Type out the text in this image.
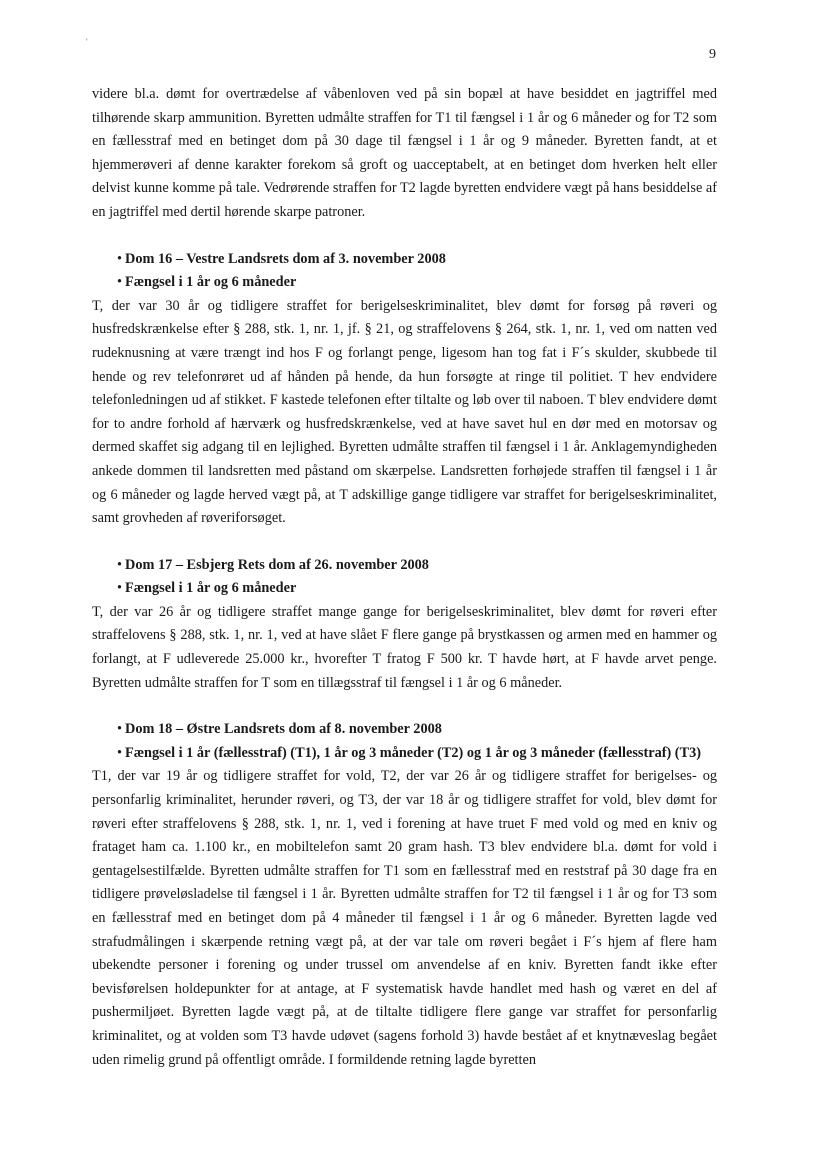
'
9

videre bl.a. dømt for overtrædelse af våbenloven ved på sin bopæl at have besiddet en jagtriffel med tilhørende skarp ammunition. Byretten udmålte straffen for T1 til fængsel i 1 år og 6 måneder og for T2 som en fællesstraf med en betinget dom på 30 dage til fængsel i 1 år og 9 måneder. Byretten fandt, at et hjemmerøveri af denne karakter forekom så groft og uacceptabelt, at en betinget dom hverken helt eller delvist kunne komme på tale. Vedrørende straffen for T2 lagde byretten endvidere vægt på hans besiddelse af en jagtriffel med dertil hørende skarpe patroner.

• Dom 16 – Vestre Landsrets dom af 3. november 2008
• Fængsel i 1 år og 6 måneder

T, der var 30 år og tidligere straffet for berigelseskriminalitet, blev dømt for forsøg på røveri og husfredskrænkelse efter § 288, stk. 1, nr. 1, jf. § 21, og straffelovens § 264, stk. 1, nr. 1, ved om natten ved rudeknusning at være trængt ind hos F og forlangt penge, ligesom han tog fat i F´s skulder, skubbede til hende og rev telefonrøret ud af hånden på hende, da hun forsøgte at ringe til politiet. T hev endvidere telefonledningen ud af stikket. F kastede telefonen efter tiltalte og løb over til naboen. T blev endvidere dømt for to andre forhold af hærværk og husfredskrænkelse, ved at have savet hul en dør med en motorsav og dermed skaffet sig adgang til en lejlighed. Byretten udmålte straffen til fængsel i 1 år. Anklagemyndigheden ankede dommen til landsretten med påstand om skærpelse. Landsretten forhøjede straffen til fængsel i 1 år og 6 måneder og lagde herved vægt på, at T adskillige gange tidligere var straffet for berigelseskriminalitet, samt grovheden af røveriforsøget.

• Dom 17 – Esbjerg Rets dom af 26. november 2008
• Fængsel i 1 år og 6 måneder

T, der var 26 år og tidligere straffet mange gange for berigelseskriminalitet, blev dømt for røveri efter straffelovens § 288, stk. 1, nr. 1, ved at have slået F flere gange på brystkassen og armen med en hammer og forlangt, at F udleverede 25.000 kr., hvorefter T fratog F 500 kr. T havde hørt, at F havde arvet penge. Byretten udmålte straffen for T som en tillægsstraf til fængsel i 1 år og 6 måneder.

• Dom 18 – Østre Landsrets dom af 8. november 2008
• Fængsel i 1 år (fællesstraf) (T1), 1 år og 3 måneder (T2) og 1 år og 3 måneder (fællesstraf) (T3)

T1, der var 19 år og tidligere straffet for vold, T2, der var 26 år og tidligere straffet for berigelses- og personfarlig kriminalitet, herunder røveri, og T3, der var 18 år og tidligere straffet for vold, blev dømt for røveri efter straffelovens § 288, stk. 1, nr. 1, ved i forening at have truet F med vold og med en kniv og frataget ham ca. 1.100 kr., en mobiltelefon samt 20 gram hash. T3 blev endvidere bl.a. dømt for vold i gentagelsestilfælde. Byretten udmålte straffen for T1 som en fællesstraf med en reststraf på 30 dage fra en tidligere prøveløsladelse til fængsel i 1 år. Byretten udmålte straffen for T2 til fængsel i 1 år og for T3 som en fællesstraf med en betinget dom på 4 måneder til fængsel i 1 år og 6 måneder. Byretten lagde ved strafudmålingen i skærpende retning vægt på, at der var tale om røveri begået i F´s hjem af flere ham ubekendte personer i forening og under trussel om anvendelse af en kniv. Byretten fandt ikke efter bevisførelsen holdepunkter for at antage, at F systematisk havde handlet med hash og været en del af pushermiljøet. Byretten lagde vægt på, at de tiltalte tidligere flere gange var straffet for personfarlig kriminalitet, og at volden som T3 havde udøvet (sagens forhold 3) havde bestået af et knytnæveslag begået uden rimelig grund på offentligt område. I formildende retning lagde byretten
